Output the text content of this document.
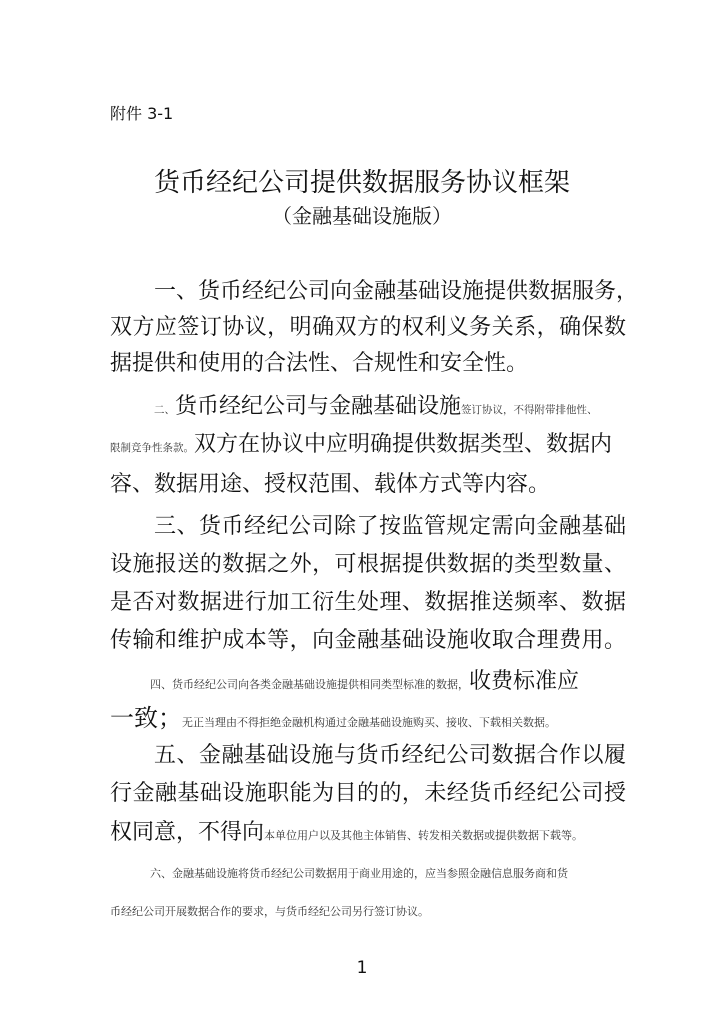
附件 3-1
货币经纪公司提供数据服务协议框架
（金融基础设施版）
一、货币经纪公司向金融基础设施提供数据服务，
双方应签订协议，明确双方的权利义务关系，确保数
据提供和使用的合法性、合规性和安全性。
二、货币经纪公司与金融基础设施签订协议，不得附带排他性、
限制竞争性条款。双方在协议中应明确提供数据类型、数据内
容、数据用途、授权范围、载体方式等内容。
三、货币经纪公司除了按监管规定需向金融基础
设施报送的数据之外，可根据提供数据的类型数量、
是否对数据进行加工衍生处理、数据推送频率、数据
传输和维护成本等，向金融基础设施收取合理费用。
四、货币经纪公司向各类金融基础设施提供相同类型标准的数据，收费标准应
一致；无正当理由不得拒绝金融机构通过金融基础设施购买、接收、下载相关数据。
五、金融基础设施与货币经纪公司数据合作以履
行金融基础设施职能为目的的，未经货币经纪公司授
权同意，不得向本单位用户以及其他主体销售、转发相关数据或提供数据下载等。
六、金融基础设施将货币经纪公司数据用于商业用途的，应当参照金融信息服务商和货
币经纪公司开展数据合作的要求，与货币经纪公司另行签订协议。
1
